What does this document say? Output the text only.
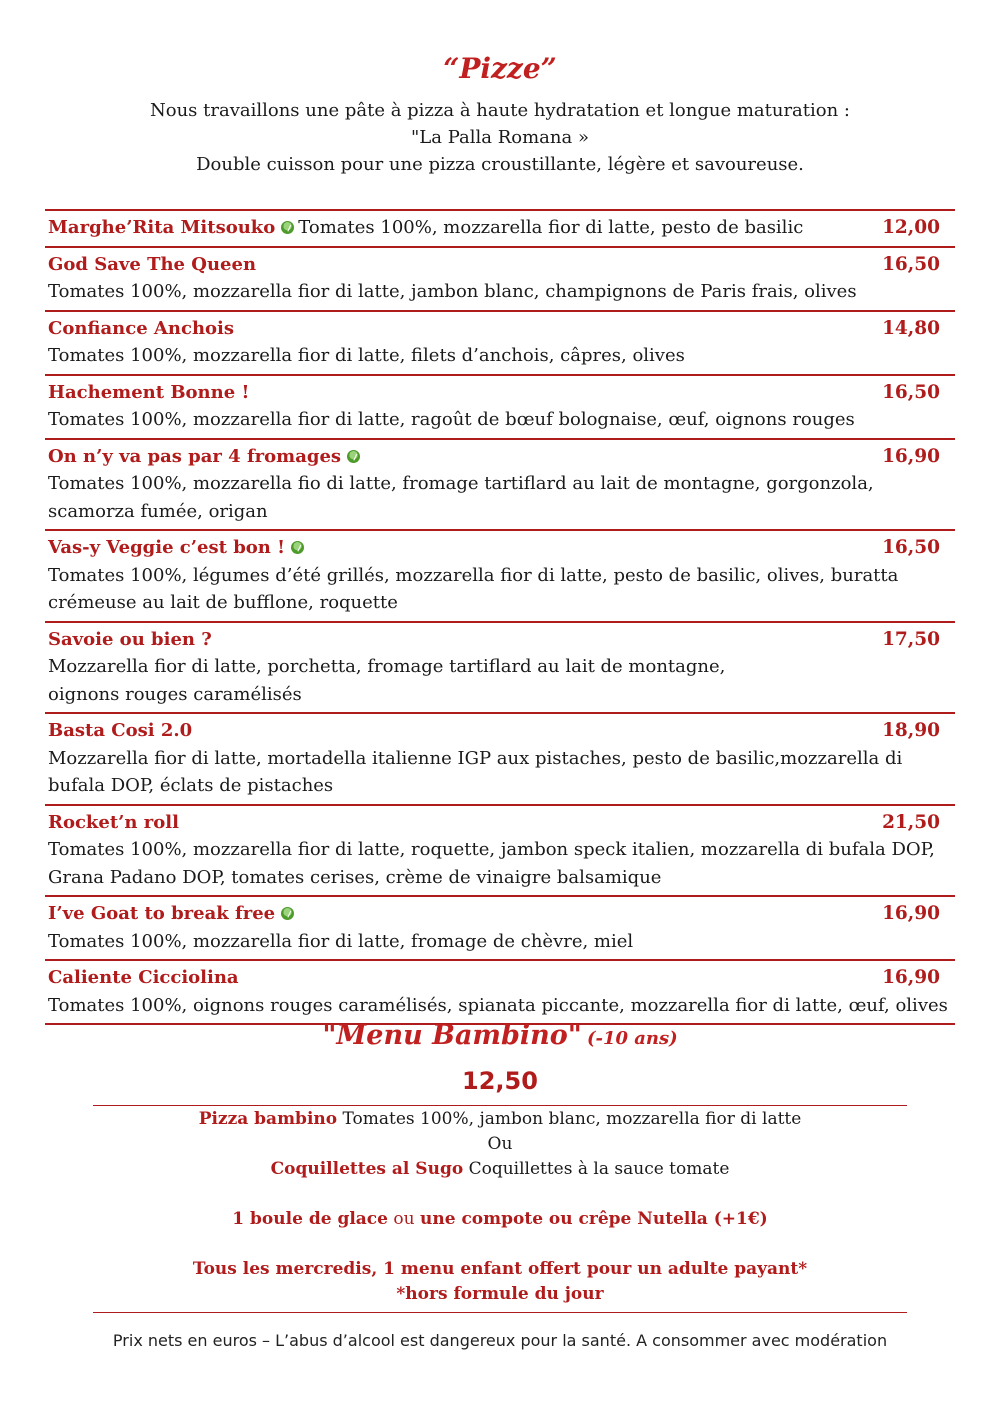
“Pizze”
Nous travaillons une pâte à pizza à haute hydratation et longue maturation :
"La Palla Romana »
Double cuisson pour une pizza croustillante, légère et savoureuse.
Marghe’Rita Mitsouko Tomates 100%, mozzarella fior di latte, pesto de basilic	12,00
God Save The Queen	16,50
Tomates 100%, mozzarella fior di latte, jambon blanc, champignons de Paris frais, olives
Confiance Anchois	14,80
Tomates 100%, mozzarella fior di latte, filets d’anchois, câpres, olives
Hachement Bonne !	16,50
Tomates 100%, mozzarella fior di latte, ragoût de bœuf bolognaise, œuf, oignons rouges
On n’y va pas par 4 fromages	16,90
Tomates 100%, mozzarella fio di latte, fromage tartiflard au lait de montagne, gorgonzola, scamorza fumée, origan
Vas-y Veggie c’est bon !	16,50
Tomates 100%, légumes d’été grillés, mozzarella fior di latte, pesto de basilic, olives, buratta crémeuse au lait de bufflone, roquette
Savoie ou bien ?	17,50
Mozzarella fior di latte, porchetta, fromage tartiflard au lait de montagne,
oignons rouges caramélisés
Basta Cosi 2.0	18,90
Mozzarella fior di latte, mortadella italienne IGP aux pistaches, pesto de basilic,mozzarella di bufala DOP, éclats de pistaches
Rocket’n roll	21,50
Tomates 100%, mozzarella fior di latte, roquette, jambon speck italien, mozzarella di bufala DOP, Grana Padano DOP, tomates cerises, crème de vinaigre balsamique
I’ve Goat to break free	16,90
Tomates 100%, mozzarella fior di latte, fromage de chèvre, miel
Caliente Cicciolina	16,90
Tomates 100%, oignons rouges caramélisés, spianata piccante, mozzarella fior di latte, œuf, olives
"Menu Bambino" (-10 ans)
12,50
Pizza bambino Tomates 100%, jambon blanc, mozzarella fior di latte
Ou
Coquillettes al Sugo Coquillettes à la sauce tomate
1 boule de glace ou une compote ou crêpe Nutella (+1€)
Tous les mercredis, 1 menu enfant offert pour un adulte payant*
*hors formule du jour
Prix nets en euros – L’abus d’alcool est dangereux pour la santé. A consommer avec modération
